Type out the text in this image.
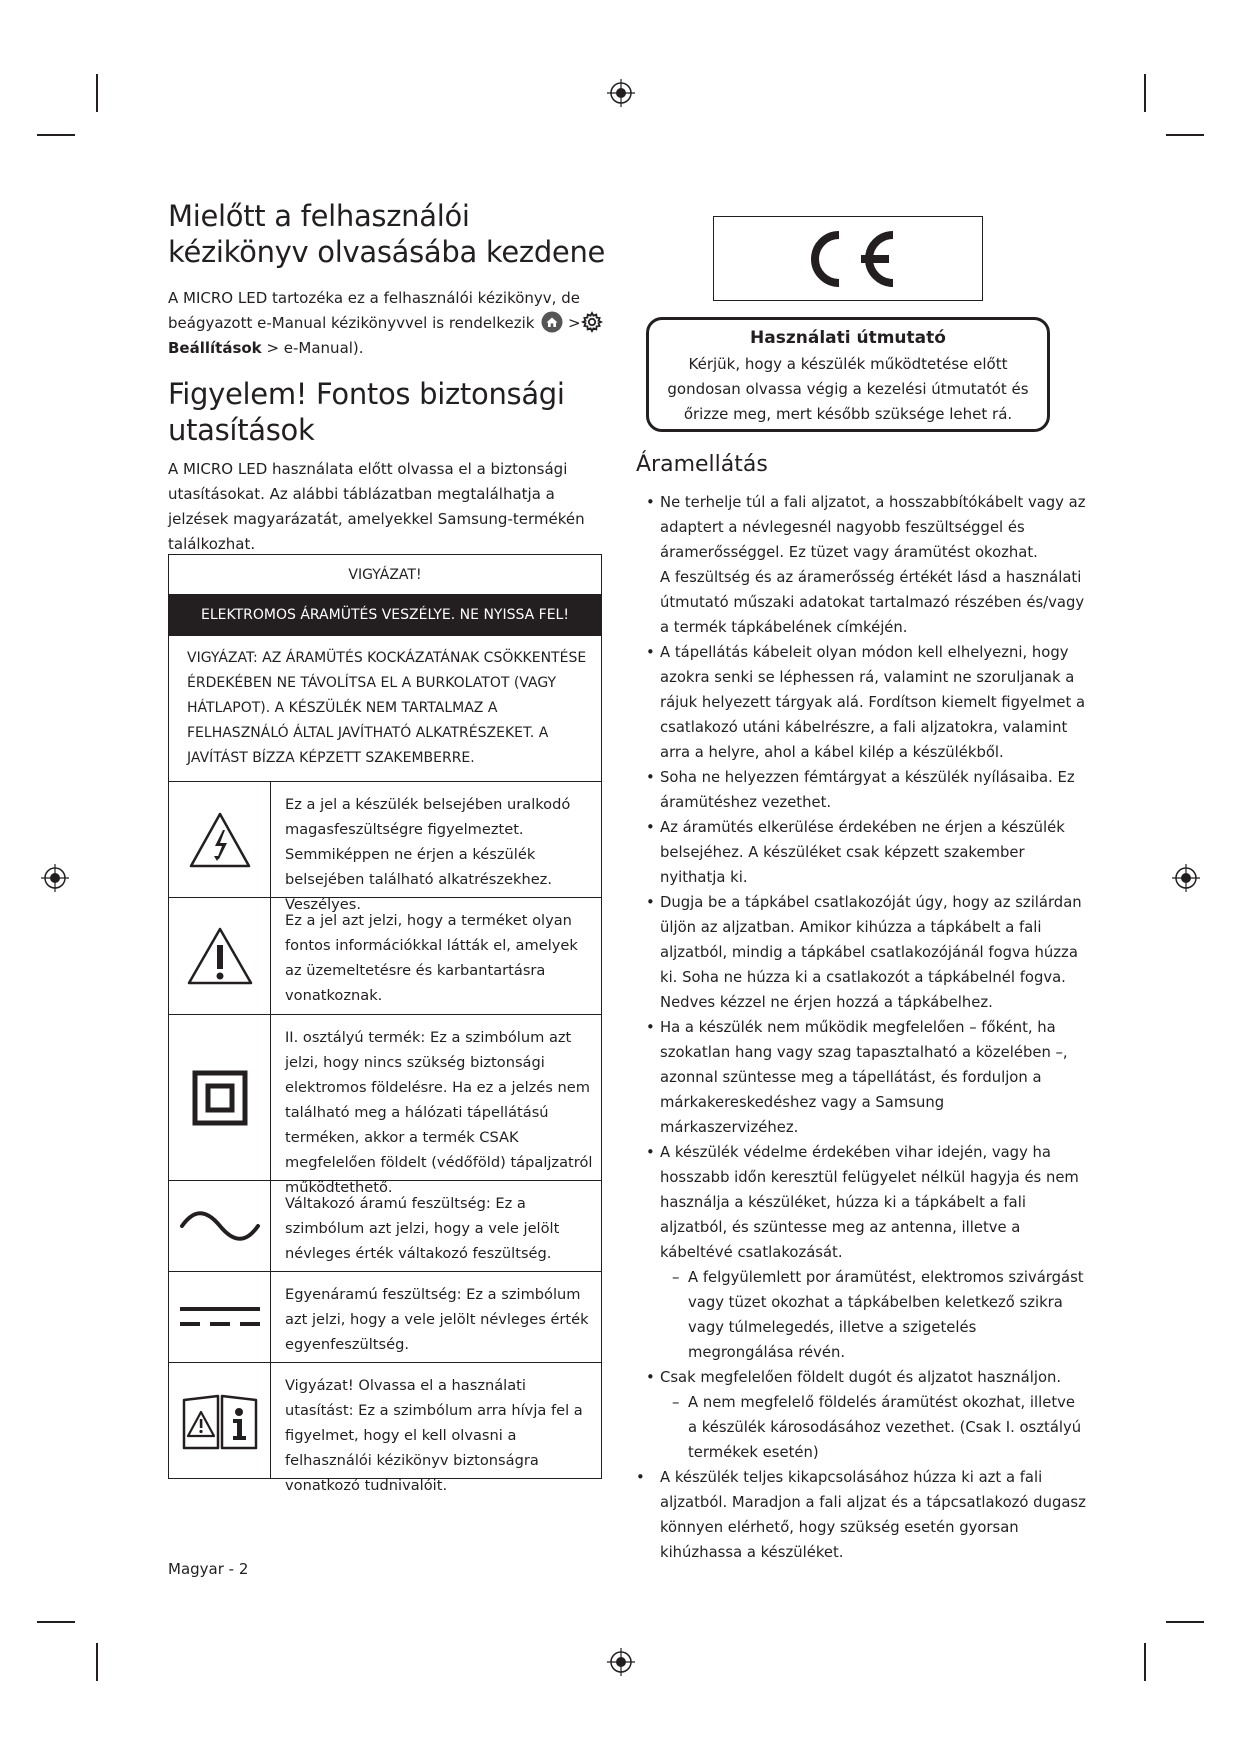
Mielőtt a felhasználói kézikönyv olvasásába kezdene
A MICRO LED tartozéka ez a felhasználói kézikönyv, de beágyazott e-Manual kézikönyvvel is rendelkezik >
Beállítások > e-Manual).
Figyelem! Fontos biztonsági utasítások
A MICRO LED használata előtt olvassa el a biztonsági utasításokat. Az alábbi táblázatban megtalálhatja a jelzések magyarázatát, amelyekkel Samsung-termékén találkozhat.
VIGYÁZAT!
ELEKTROMOS ÁRAMÜTÉS VESZÉLYE. NE NYISSA FEL!
VIGYÁZAT: AZ ÁRAMÜTÉS KOCKÁZATÁNAK CSÖKKENTÉSE ÉRDEKÉBEN NE TÁVOLÍTSA EL A BURKOLATOT (VAGY HÁTLAPOT). A KÉSZÜLÉK NEM TARTALMAZ A FELHASZNÁLÓ ÁLTAL JAVÍTHATÓ ALKATRÉSZEKET. A JAVÍTÁST BÍZZA KÉPZETT SZAKEMBERRE.
Ez a jel a készülék belsejében uralkodó magasfeszültségre figyelmeztet. Semmiképpen ne érjen a készülék belsejében található alkatrészekhez. Veszélyes.
Ez a jel azt jelzi, hogy a terméket olyan fontos információkkal látták el, amelyek az üzemeltetésre és karbantartásra vonatkoznak.
II. osztályú termék: Ez a szimbólum azt jelzi, hogy nincs szükség biztonsági elektromos földelésre. Ha ez a jelzés nem található meg a hálózati tápellátású terméken, akkor a termék CSAK megfelelően földelt (védőföld) tápaljzatról működtethető.
Váltakozó áramú feszültség: Ez a szimbólum azt jelzi, hogy a vele jelölt névleges érték váltakozó feszültség.
Egyenáramú feszültség: Ez a szimbólum azt jelzi, hogy a vele jelölt névleges érték egyenfeszültség.
Vigyázat! Olvassa el a használati utasítást: Ez a szimbólum arra hívja fel a figyelmet, hogy el kell olvasni a felhasználói kézikönyv biztonságra vonatkozó tudnivalóit.
Magyar - 2
Használati útmutató
Kérjük, hogy a készülék működtetése előtt gondosan olvassa végig a kezelési útmutatót és őrizze meg, mert később szüksége lehet rá.
Áramellátás
• Ne terhelje túl a fali aljzatot, a hosszabbítókábelt vagy az adaptert a névlegesnél nagyobb feszültséggel és áramerősséggel. Ez tüzet vagy áramütést okozhat.
A feszültség és az áramerősség értékét lásd a használati útmutató műszaki adatokat tartalmazó részében és/vagy a termék tápkábelének címkéjén.
• A tápellátás kábeleit olyan módon kell elhelyezni, hogy azokra senki se léphessen rá, valamint ne szoruljanak a rájuk helyezett tárgyak alá. Fordítson kiemelt figyelmet a csatlakozó utáni kábelrészre, a fali aljzatokra, valamint arra a helyre, ahol a kábel kilép a készülékből.
• Soha ne helyezzen fémtárgyat a készülék nyílásaiba. Ez áramütéshez vezethet.
• Az áramütés elkerülése érdekében ne érjen a készülék belsejéhez. A készüléket csak képzett szakember nyithatja ki.
• Dugja be a tápkábel csatlakozóját úgy, hogy az szilárdan üljön az aljzatban. Amikor kihúzza a tápkábelt a fali aljzatból, mindig a tápkábel csatlakozójánál fogva húzza ki. Soha ne húzza ki a csatlakozót a tápkábelnél fogva. Nedves kézzel ne érjen hozzá a tápkábelhez.
• Ha a készülék nem működik megfelelően – főként, ha szokatlan hang vagy szag tapasztalható a közelében –, azonnal szüntesse meg a tápellátást, és forduljon a márkakereskedéshez vagy a Samsung márkaszervizéhez.
• A készülék védelme érdekében vihar idején, vagy ha hosszabb időn keresztül felügyelet nélkül hagyja és nem használja a készüléket, húzza ki a tápkábelt a fali aljzatból, és szüntesse meg az antenna, illetve a kábeltévé csatlakozását.
– A felgyülemlett por áramütést, elektromos szivárgást vagy tüzet okozhat a tápkábelben keletkező szikra vagy túlmelegedés, illetve a szigetelés megrongálása révén.
• Csak megfelelően földelt dugót és aljzatot használjon.
– A nem megfelelő földelés áramütést okozhat, illetve a készülék károsodásához vezethet. (Csak I. osztályú termékek esetén)
• A készülék teljes kikapcsolásához húzza ki azt a fali aljzatból. Maradjon a fali aljzat és a tápcsatlakozó dugasz könnyen elérhető, hogy szükség esetén gyorsan kihúzhassa a készüléket.
